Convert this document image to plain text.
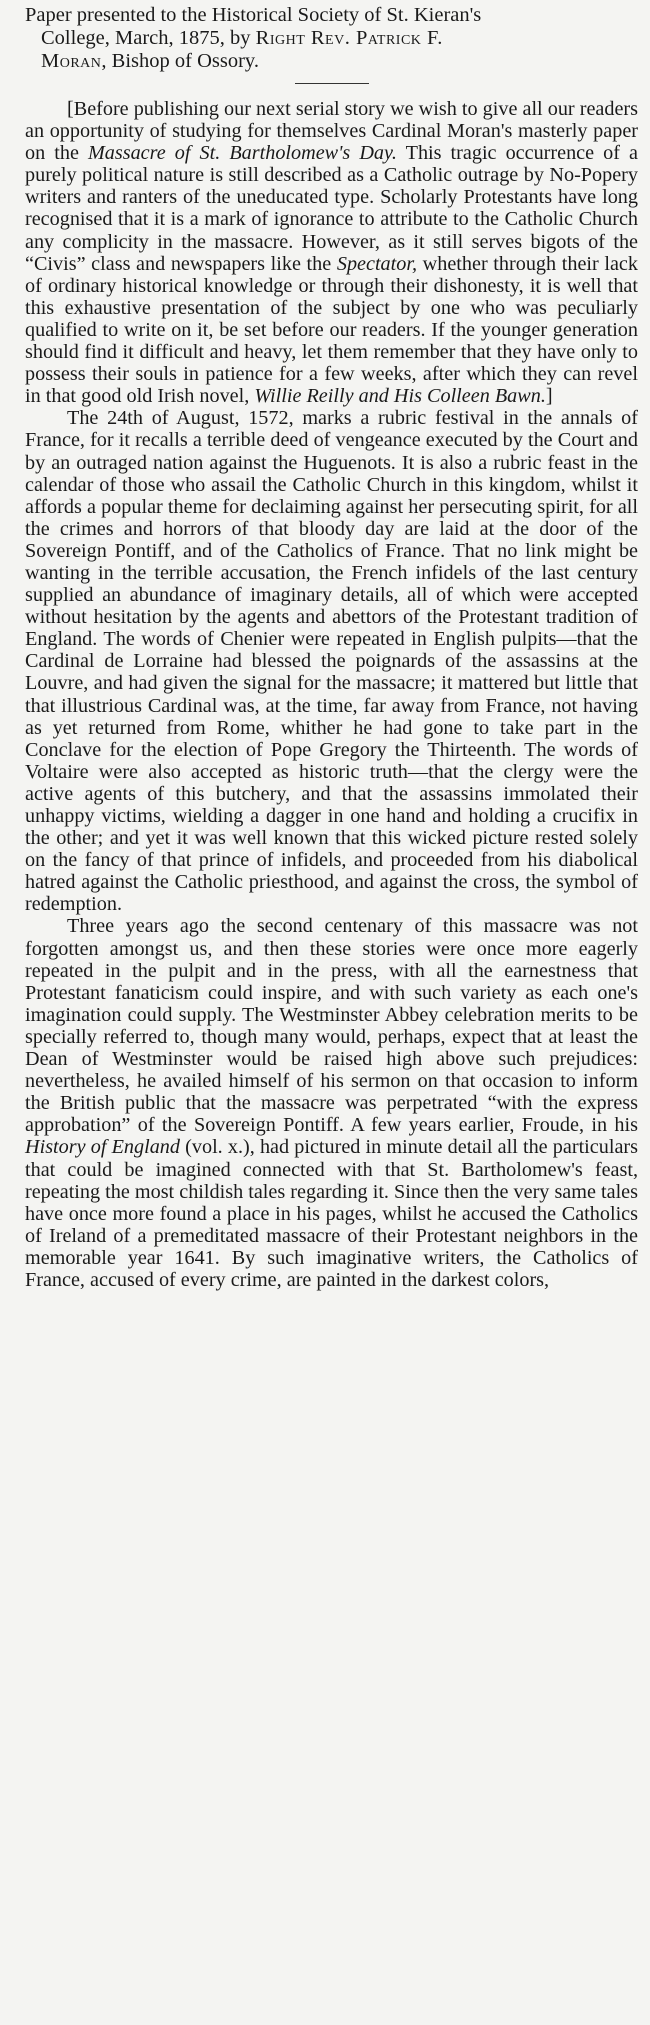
Paper presented to the Historical Society of St. Kieran's
College, March, 1875, by Right Rev. Patrick F.
Moran, Bishop of Ossory.

[Before publishing our next serial story we wish to give all our readers an opportunity of studying for themselves Cardinal Moran's masterly paper on the Massacre of St. Bartholomew's Day. This tragic occurrence of a purely political nature is still described as a Catholic outrage by No-Popery writers and ranters of the uneducated type. Scholarly Protestants have long recognised that it is a mark of ignorance to attribute to the Catholic Church any complicity in the massacre. However, as it still serves bigots of the “Civis” class and newspapers like the Spectator, whether through their lack of ordinary historical knowledge or through their dishonesty, it is well that this exhaustive presentation of the subject by one who was peculiarly qualified to write on it, be set before our readers. If the younger generation should find it difficult and heavy, let them remember that they have only to possess their souls in patience for a few weeks, after which they can revel in that good old Irish novel, Willie Reilly and His Colleen Bawn.]

The 24th of August, 1572, marks a rubric festival in the annals of France, for it recalls a terrible deed of vengeance executed by the Court and by an outraged nation against the Huguenots. It is also a rubric feast in the calendar of those who assail the Catholic Church in this kingdom, whilst it affords a popular theme for declaiming against her persecuting spirit, for all the crimes and horrors of that bloody day are laid at the door of the Sovereign Pontiff, and of the Catholics of France. That no link might be wanting in the terrible accusation, the French infidels of the last century supplied an abundance of imaginary details, all of which were accepted without hesitation by the agents and abettors of the Protestant tradition of England. The words of Chenier were repeated in English pulpits—that the Cardinal de Lorraine had blessed the poignards of the assassins at the Louvre, and had given the signal for the massacre; it mattered but little that that illustrious Cardinal was, at the time, far away from France, not having as yet returned from Rome, whither he had gone to take part in the Conclave for the election of Pope Gregory the Thirteenth. The words of Voltaire were also accepted as historic truth—that the clergy were the active agents of this butchery, and that the assassins immolated their unhappy victims, wielding a dagger in one hand and holding a crucifix in the other; and yet it was well known that this wicked picture rested solely on the fancy of that prince of infidels, and proceeded from his diabolical hatred against the Catholic priesthood, and against the cross, the symbol of redemption.

Three years ago the second centenary of this massacre was not forgotten amongst us, and then these stories were once more eagerly repeated in the pulpit and in the press, with all the earnestness that Protestant fanaticism could inspire, and with such variety as each one's imagination could supply. The Westminster Abbey celebration merits to be specially referred to, though many would, perhaps, expect that at least the Dean of Westminster would be raised high above such prejudices: nevertheless, he availed himself of his sermon on that occasion to inform the British public that the massacre was perpetrated “with the express approbation” of the Sovereign Pontiff. A few years earlier, Froude, in his History of England (vol. x.), had pictured in minute detail all the particulars that could be imagined connected with that St. Bartholomew's feast, repeating the most childish tales regarding it. Since then the very same tales have once more found a place in his pages, whilst he accused the Catholics of Ireland of a premeditated massacre of their Protestant neighbors in the memorable year 1641. By such imaginative writers, the Catholics of France, accused of every crime, are painted in the darkest colors,
